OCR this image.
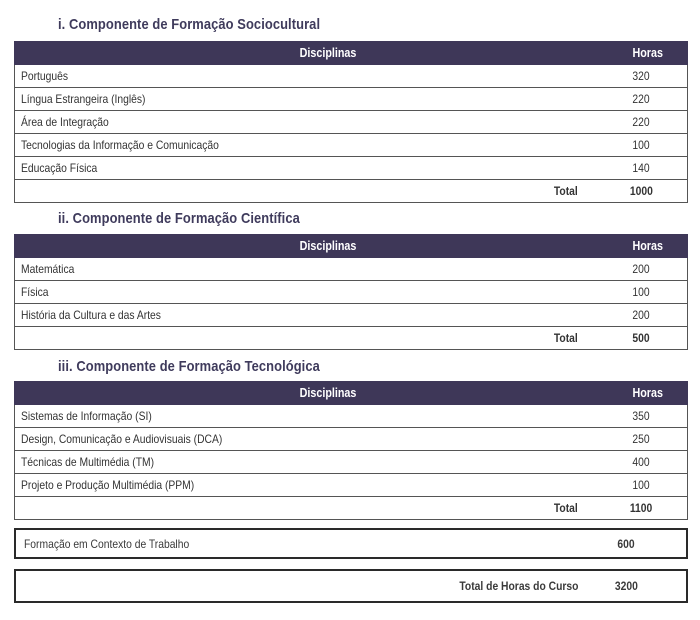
i. Componente de Formação Sociocultural
Disciplinas	Horas
Português	320
Língua Estrangeira (Inglês)	220
Área de Integração	220
Tecnologias da Informação e Comunicação	100
Educação Física	140
Total	1000
ii. Componente de Formação Científica
Disciplinas	Horas
Matemática	200
Física	100
História da Cultura e das Artes	200
Total	500
iii. Componente de Formação Tecnológica
Disciplinas	Horas
Sistemas de Informação (SI)	350
Design, Comunicação e Audiovisuais (DCA)	250
Técnicas de Multimédia (TM)	400
Projeto e Produção Multimédia (PPM)	100
Total	1100
Formação em Contexto de Trabalho	600
Total de Horas do Curso	3200
